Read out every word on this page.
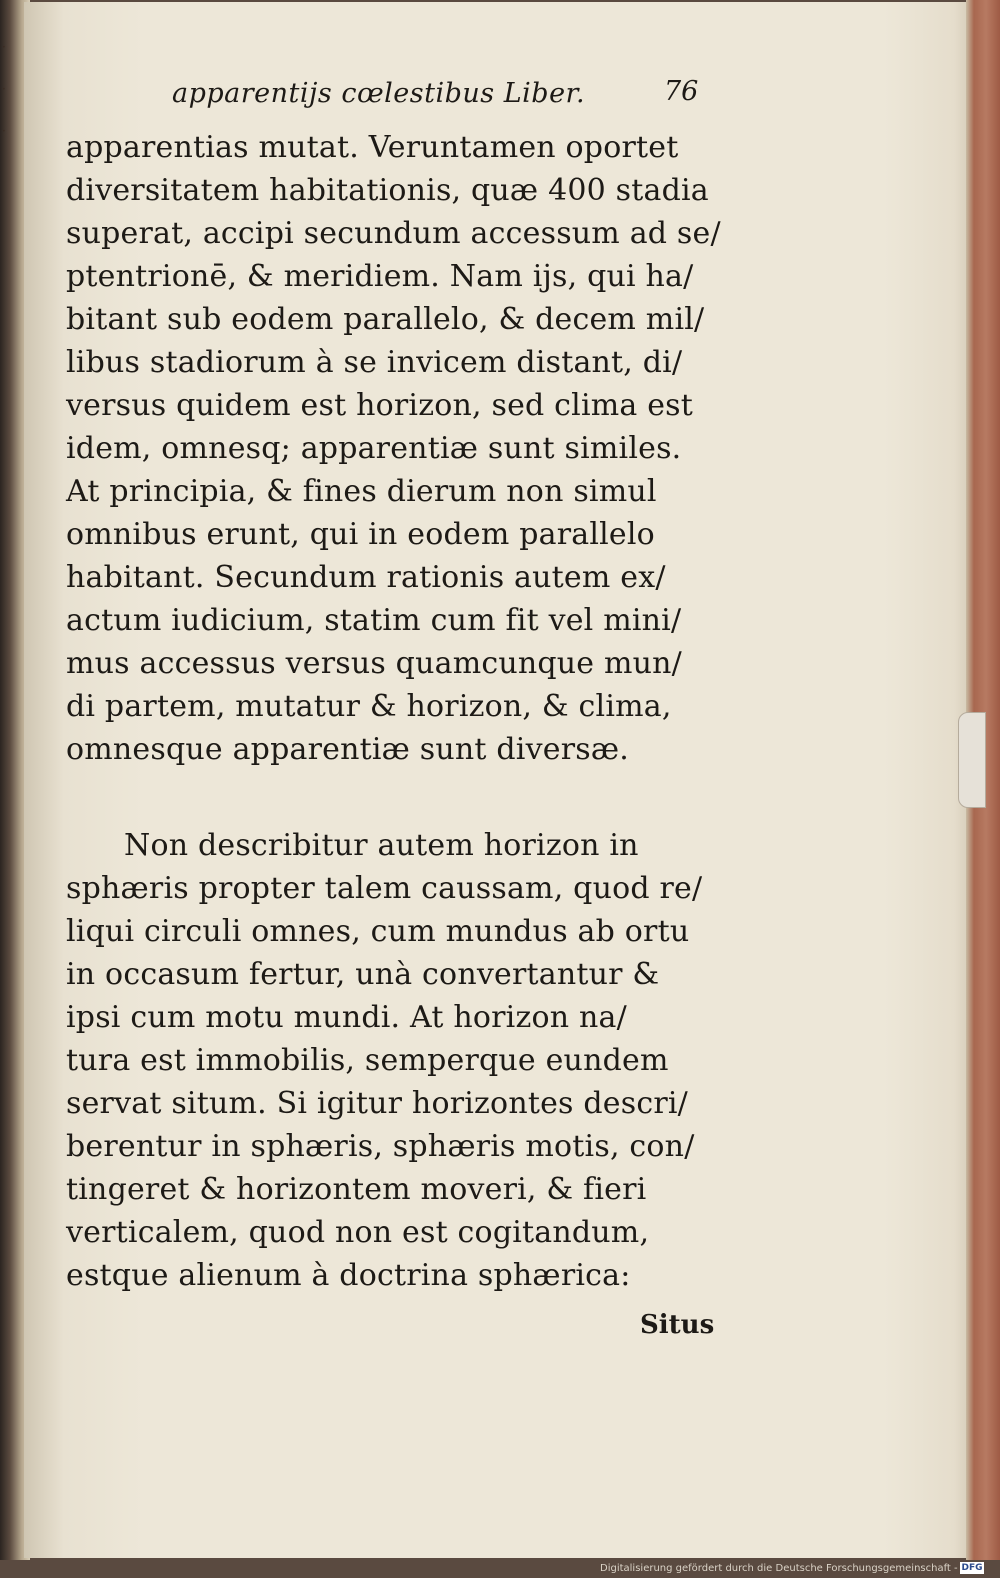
·
·
·
apparentijs cœlestibus Liber.	76
apparentias mutat. Veruntamen oportet
diversitatem habitationis, quæ 400 stadia
superat, accipi secundum accessum ad se/
ptentrionē, & meridiem. Nam ijs, qui ha/
bitant sub eodem parallelo, & decem mil/
libus stadiorum à se invicem distant, di/
versus quidem est horizon, sed clima est
idem, omnesq; apparentiæ sunt similes.
At principia, & fines dierum non simul
omnibus erunt, qui in eodem parallelo
habitant. Secundum rationis autem ex/
actum iudicium, statim cum fit vel mini/
mus accessus versus quamcunque mun/
di partem, mutatur & horizon, & clima,
omnesque apparentiæ sunt diversæ.
Non describitur autem horizon in
sphæris propter talem caussam, quod re/
liqui circuli omnes, cum mundus ab ortu
in occasum fertur, unà convertantur &
ipsi cum motu mundi. At horizon na/
tura est immobilis, semperque eundem
servat situm. Si igitur horizontes descri/
berentur in sphæris, sphæris motis, con/
tingeret & horizontem moveri, & fieri
verticalem, quod non est cogitandum,
estque alienum à doctrina sphærica:
Situs
Digitalisierung gefördert durch die Deutsche Forschungsgemeinschaft - DFG
